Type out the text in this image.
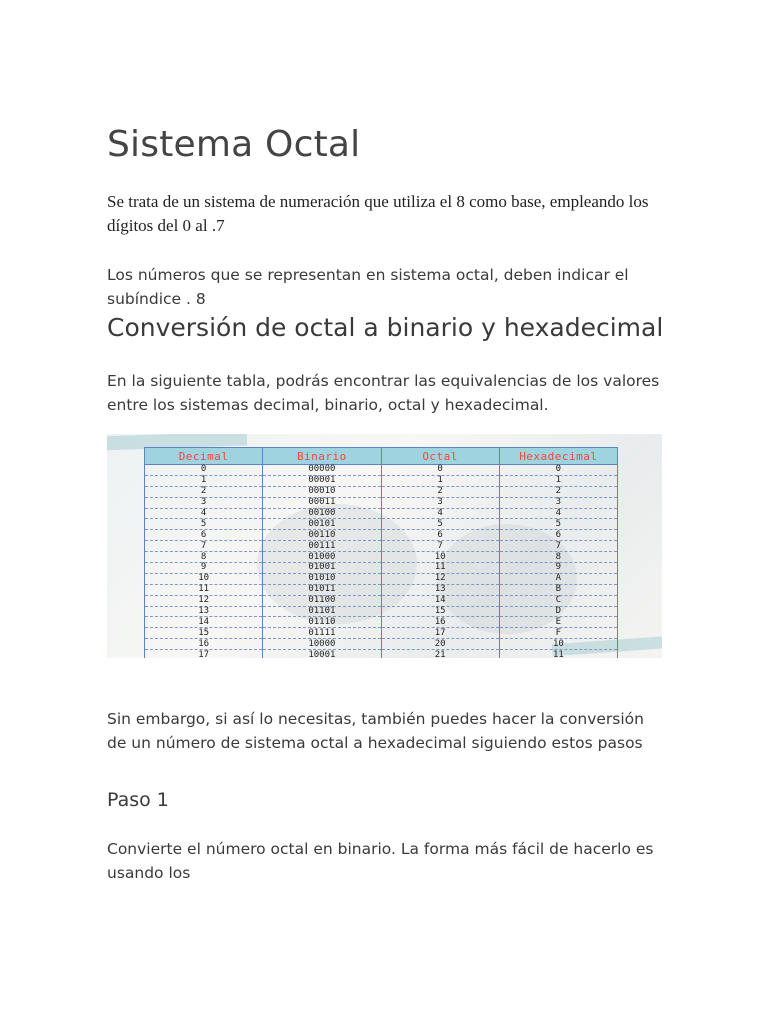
Sistema Octal

Se trata de un sistema de numeración que utiliza el 8 como base, empleando los dígitos del 0 al .7

Los números que se representan en sistema octal, deben indicar el subíndice . 8

Conversión de octal a binario y hexadecimal

En la siguiente tabla, podrás encontrar las equivalencias de los valores entre los sistemas decimal, binario, octal y hexadecimal.

Sin embargo, si así lo necesitas, también puedes hacer la conversión de un número de sistema octal a hexadecimal siguiendo estos pasos

Paso 1

Convierte el número octal en binario. La forma más fácil de hacerlo es usando los

Decimal	Binario	Octal	Hexadecimal
0	00000	0	0
1	00001	1	1
2	00010	2	2
3	00011	3	3
4	00100	4	4
5	00101	5	5
6	00110	6	6
7	00111	7	7
8	01000	10	8
9	01001	11	9
10	01010	12	A
11	01011	13	B
12	01100	14	C
13	01101	15	D
14	01110	16	E
15	01111	17	F
16	10000	20	10
17	10001	21	11
